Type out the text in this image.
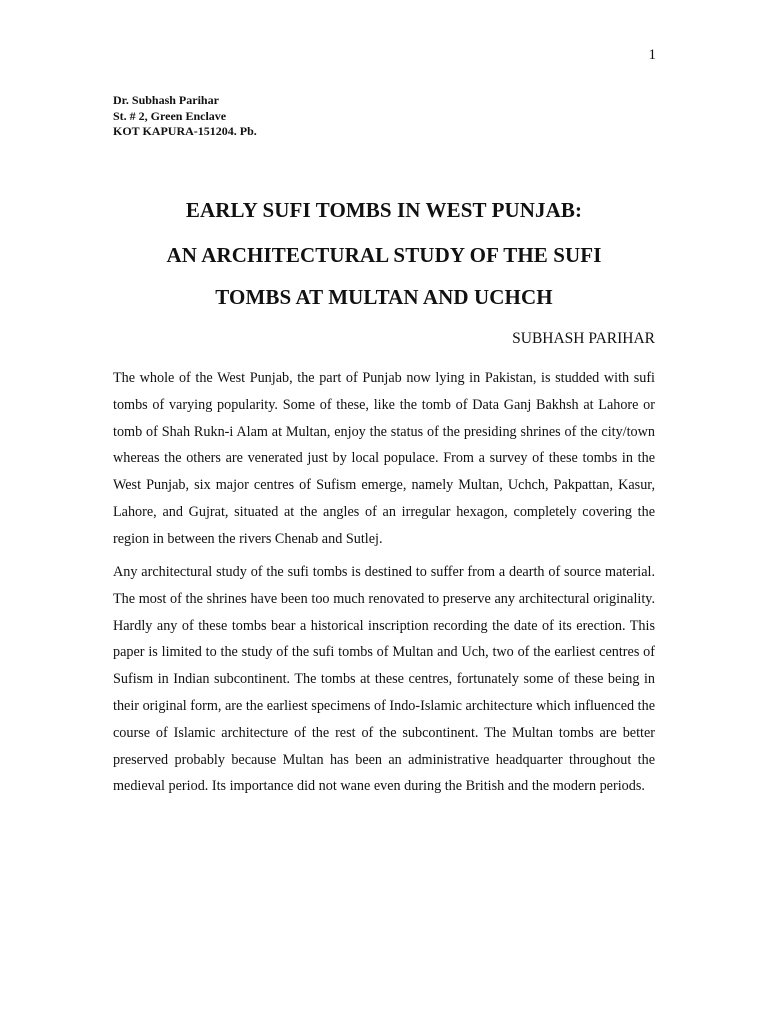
1
Dr. Subhash Parihar
St. # 2, Green Enclave
KOT KAPURA-151204. Pb.
EARLY SUFI TOMBS IN WEST PUNJAB:
AN ARCHITECTURAL STUDY OF THE SUFI
TOMBS AT MULTAN AND UCHCH
SUBHASH PARIHAR

The whole of the West Punjab, the part of Punjab now lying in Pakistan, is studded with sufi tombs of varying popularity. Some of these, like the tomb of Data Ganj Bakhsh at Lahore or tomb of Shah Rukn-i Alam at Multan, enjoy the status of the presiding shrines of the city/town whereas the others are venerated just by local populace. From a survey of these tombs in the West Punjab, six major centres of Sufism emerge, namely Multan, Uchch, Pakpattan, Kasur, Lahore, and Gujrat, situated at the angles of an irregular hexagon, completely covering the region in between the rivers Chenab and Sutlej.

Any architectural study of the sufi tombs is destined to suffer from a dearth of source material. The most of the shrines have been too much renovated to preserve any architectural originality. Hardly any of these tombs bear a historical inscription recording the date of its erection. This paper is limited to the study of the sufi tombs of Multan and Uch, two of the earliest centres of Sufism in Indian subcontinent. The tombs at these centres, fortunately some of these being in their original form, are the earliest specimens of Indo-Islamic architecture which influenced the course of Islamic architecture of the rest of the subcontinent. The Multan tombs are better preserved probably because Multan has been an administrative headquarter throughout the medieval period. Its importance did not wane even during the British and the modern periods.
